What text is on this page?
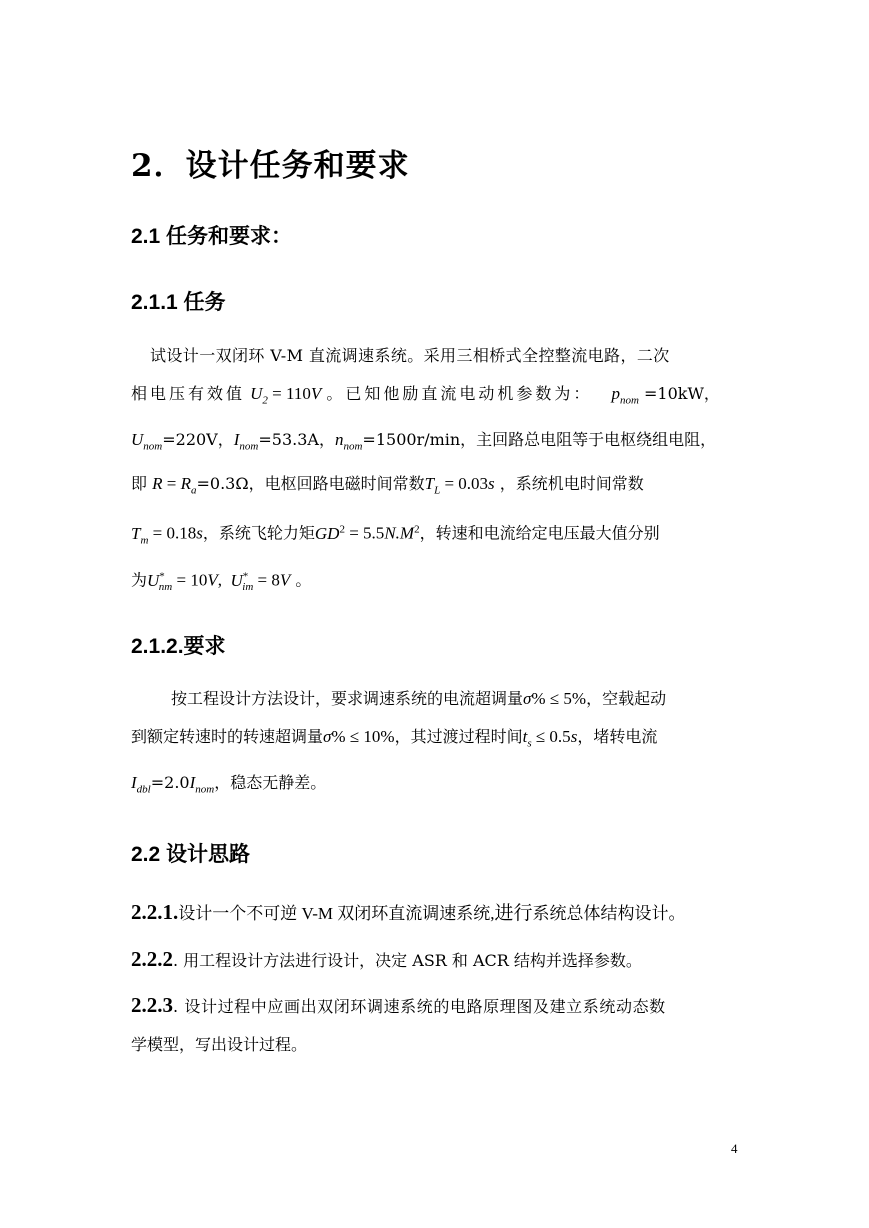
2．设计任务和要求
2.1 任务和要求：
2.1.1 任务
试设计一双闭环 V-M 直流调速系统。采用三相桥式全控整流电路，二次
相电压有效值 $U_2 = 110V$ 。已知他励直流电动机参数为： $p_{nom} =10kW$，
$U_{nom}=220V$，$I_{nom}=53.3A$，$n_{nom}=1500r/\min$，主回路总电阻等于电枢绕组电阻，
即 $R = R_a=0.3\Omega$，电枢回路电磁时间常数$T_L = 0.03s$ ，系统机电时间常数
$T_m = 0.18s$，系统飞轮力矩$GD^2 = 5.5N.M^2$，转速和电流给定电压最大值分别
为$U^*_{nm} = 10V$,  $U^*_{im} = 8V$ 。
2.1.2.要求
按工程设计方法设计，要求调速系统的电流超调量σ% ≤ 5%，空载起动
到额定转速时的转速超调量σ% ≤ 10%，其过渡过程时间$t_s \le 0.5s$，堵转电流
$I_{dbl}=2.0I_{nom}$，稳态无静差。
2.2 设计思路
2.2.1.设计一个不可逆 V-M 双闭环直流调速系统,进行系统总体结构设计。
2.2.2. 用工程设计方法进行设计，决定 ASR 和 ACR 结构并选择参数。
2.2.3. 设计过程中应画出双闭环调速系统的电路原理图及建立系统动态数
学模型，写出设计过程。
4
